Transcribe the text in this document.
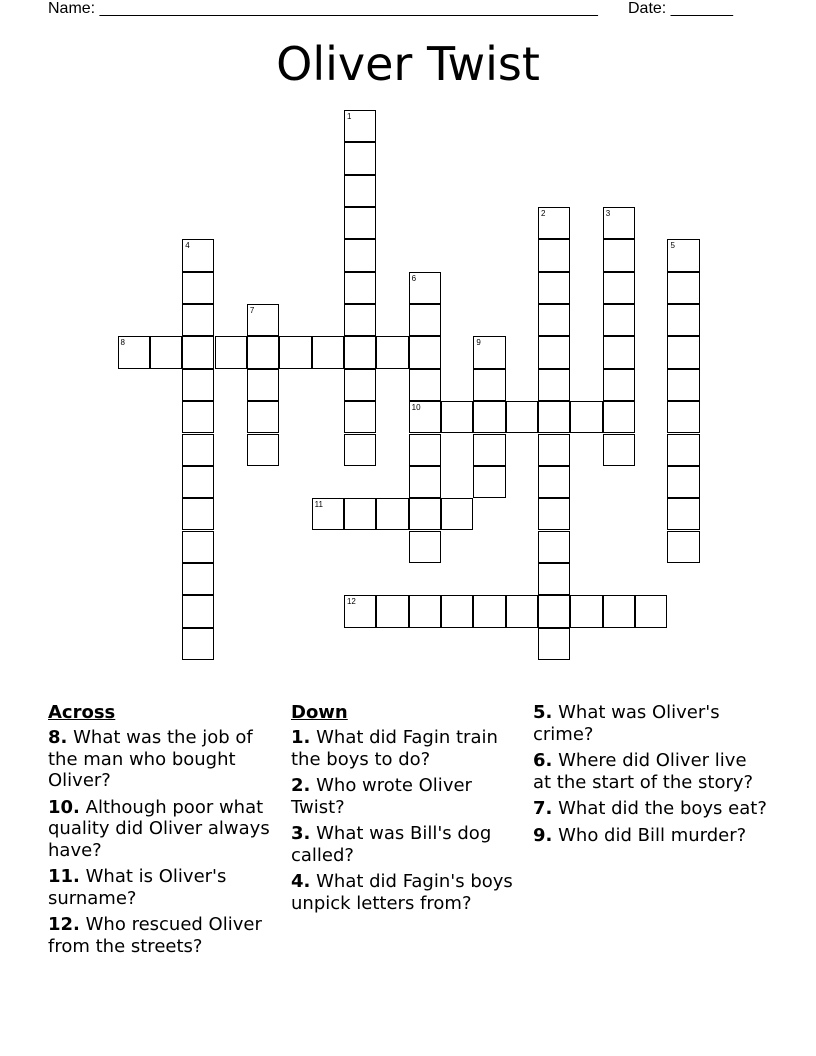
Name: ________________________________________________________ Date: _______
Oliver Twist
1
2	3
4	5
6
10
7
8	9
11
12
Across
8. What was the job of the man who bought Oliver?
10. Although poor what quality did Oliver always have?
11. What is Oliver's surname?
12. Who rescued Oliver from the streets?
Down
1. What did Fagin train the boys to do?
2. Who wrote Oliver Twist?
3. What was Bill's dog called?
4. What did Fagin's boys unpick letters from?
5. What was Oliver's crime?
6. Where did Oliver live at the start of the story?
7. What did the boys eat?
9. Who did Bill murder?
